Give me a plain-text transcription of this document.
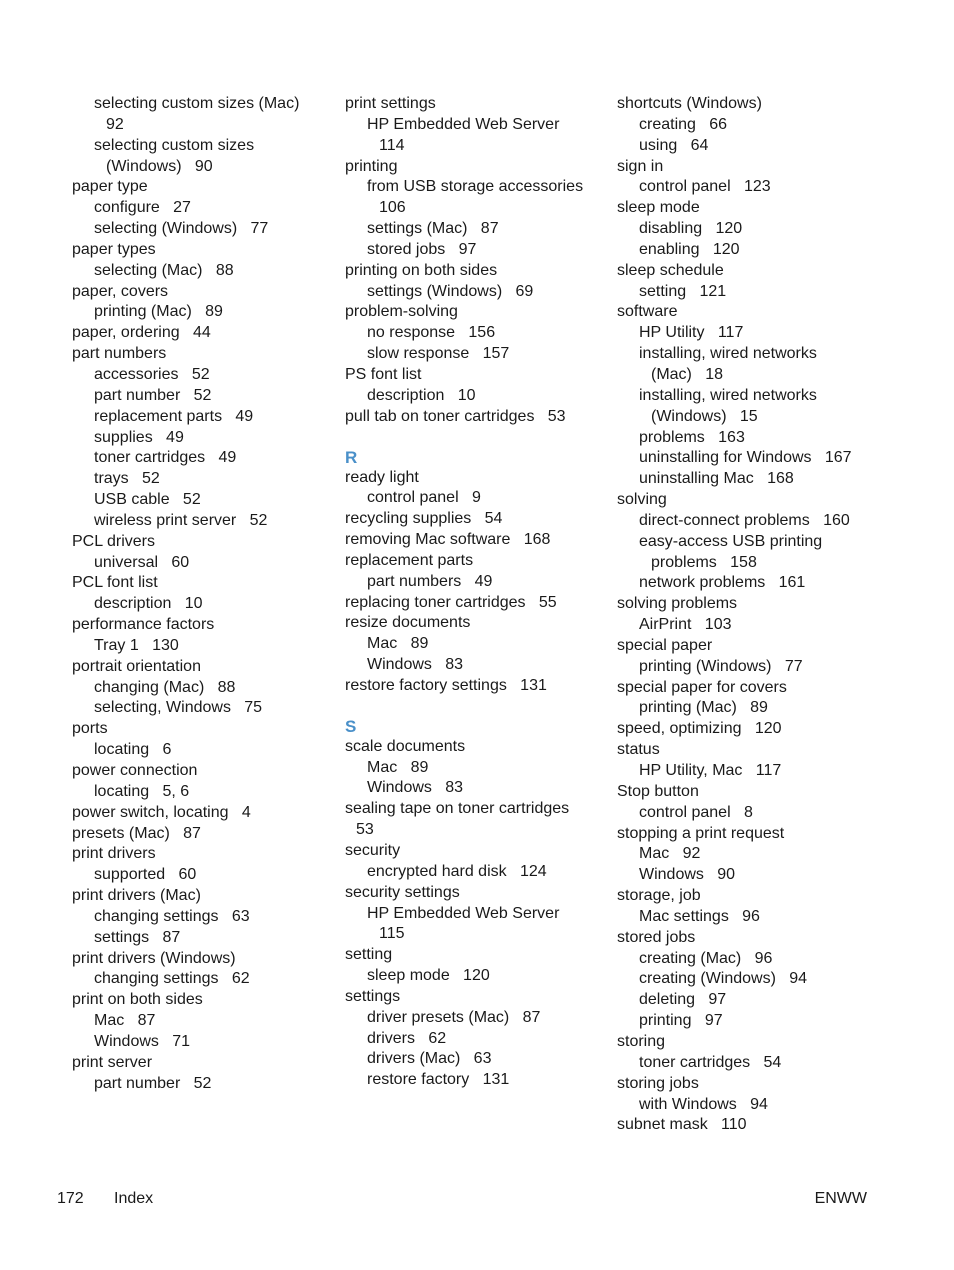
selecting custom sizes (Mac)
92
selecting custom sizes
(Windows)   90
paper type
configure   27
selecting (Windows)   77
paper types
selecting (Mac)   88
paper, covers
printing (Mac)   89
paper, ordering   44
part numbers
accessories   52
part number   52
replacement parts   49
supplies   49
toner cartridges   49
trays   52
USB cable   52
wireless print server   52
PCL drivers
universal   60
PCL font list
description   10
performance factors
Tray 1   130
portrait orientation
changing (Mac)   88
selecting, Windows   75
ports
locating   6
power connection
locating   5, 6
power switch, locating   4
presets (Mac)   87
print drivers
supported   60
print drivers (Mac)
changing settings   63
settings   87
print drivers (Windows)
changing settings   62
print on both sides
Mac   87
Windows   71
print server
part number   52
print settings
HP Embedded Web Server
114
printing
from USB storage accessories
106
settings (Mac)   87
stored jobs   97
printing on both sides
settings (Windows)   69
problem-solving
no response   156
slow response   157
PS font list
description   10
pull tab on toner cartridges   53
R
ready light
control panel   9
recycling supplies   54
removing Mac software   168
replacement parts
part numbers   49
replacing toner cartridges   55
resize documents
Mac   89
Windows   83
restore factory settings   131
S
scale documents
Mac   89
Windows   83
sealing tape on toner cartridges
53
security
encrypted hard disk   124
security settings
HP Embedded Web Server
115
setting
sleep mode   120
settings
driver presets (Mac)   87
drivers   62
drivers (Mac)   63
restore factory   131
shortcuts (Windows)
creating   66
using   64
sign in
control panel   123
sleep mode
disabling   120
enabling   120
sleep schedule
setting   121
software
HP Utility   117
installing, wired networks
(Mac)   18
installing, wired networks
(Windows)   15
problems   163
uninstalling for Windows   167
uninstalling Mac   168
solving
direct-connect problems   160
easy-access USB printing
problems   158
network problems   161
solving problems
AirPrint   103
special paper
printing (Windows)   77
special paper for covers
printing (Mac)   89
speed, optimizing   120
status
HP Utility, Mac   117
Stop button
control panel   8
stopping a print request
Mac   92
Windows   90
storage, job
Mac settings   96
stored jobs
creating (Mac)   96
creating (Windows)   94
deleting   97
printing   97
storing
toner cartridges   54
storing jobs
with Windows   94
subnet mask   110
172 Index	ENWW
